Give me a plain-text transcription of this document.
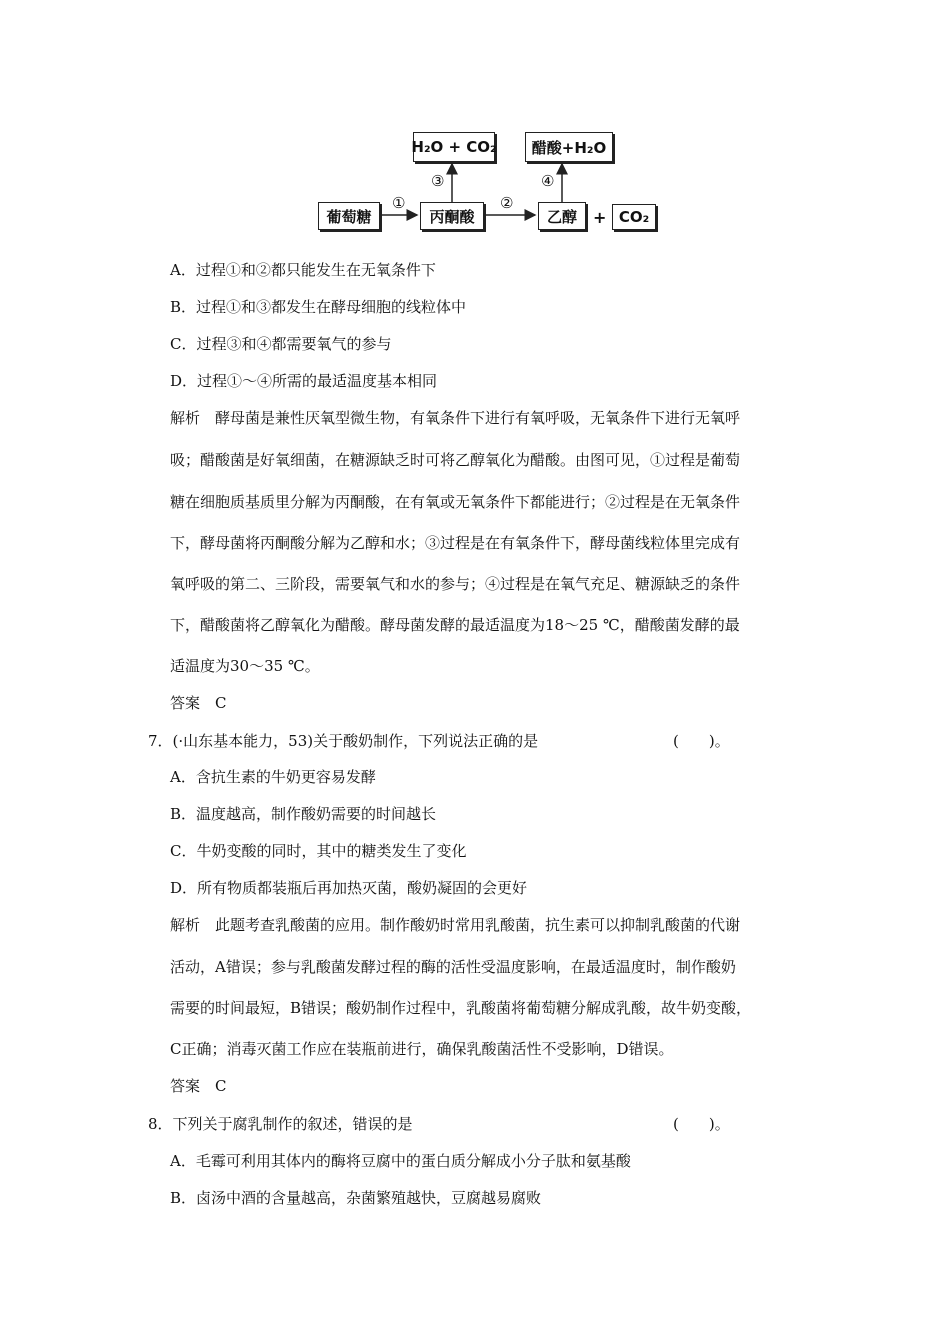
H₂O + CO₂	醋酸+H₂O
葡萄糖	丙酮酸	乙醇	CO₂
①	②
③	④
+
A．过程①和②都只能发生在无氧条件下
B．过程①和③都发生在酵母细胞的线粒体中
C．过程③和④都需要氧气的参与
D．过程①～④所需的最适温度基本相同
解析　酵母菌是兼性厌氧型微生物，有氧条件下进行有氧呼吸，无氧条件下进行无氧呼
吸；醋酸菌是好氧细菌，在糖源缺乏时可将乙醇氧化为醋酸。由图可见，①过程是葡萄
糖在细胞质基质里分解为丙酮酸，在有氧或无氧条件下都能进行；②过程是在无氧条件
下，酵母菌将丙酮酸分解为乙醇和水；③过程是在有氧条件下，酵母菌线粒体里完成有
氧呼吸的第二、三阶段，需要氧气和水的参与；④过程是在氧气充足、糖源缺乏的条件
下，醋酸菌将乙醇氧化为醋酸。酵母菌发酵的最适温度为18～25 ℃，醋酸菌发酵的最
适温度为30～35 ℃。
答案　C
7．(·山东基本能力，53)关于酸奶制作，下列说法正确的是	(　　)。
A．含抗生素的牛奶更容易发酵
B．温度越高，制作酸奶需要的时间越长
C．牛奶变酸的同时，其中的糖类发生了变化
D．所有物质都装瓶后再加热灭菌，酸奶凝固的会更好
解析　此题考查乳酸菌的应用。制作酸奶时常用乳酸菌，抗生素可以抑制乳酸菌的代谢
活动，A错误；参与乳酸菌发酵过程的酶的活性受温度影响，在最适温度时，制作酸奶
需要的时间最短，B错误；酸奶制作过程中，乳酸菌将葡萄糖分解成乳酸，故牛奶变酸，
C正确；消毒灭菌工作应在装瓶前进行，确保乳酸菌活性不受影响，D错误。
答案　C
8．下列关于腐乳制作的叙述，错误的是	(　　)。
A．毛霉可利用其体内的酶将豆腐中的蛋白质分解成小分子肽和氨基酸
B．卤汤中酒的含量越高，杂菌繁殖越快，豆腐越易腐败
